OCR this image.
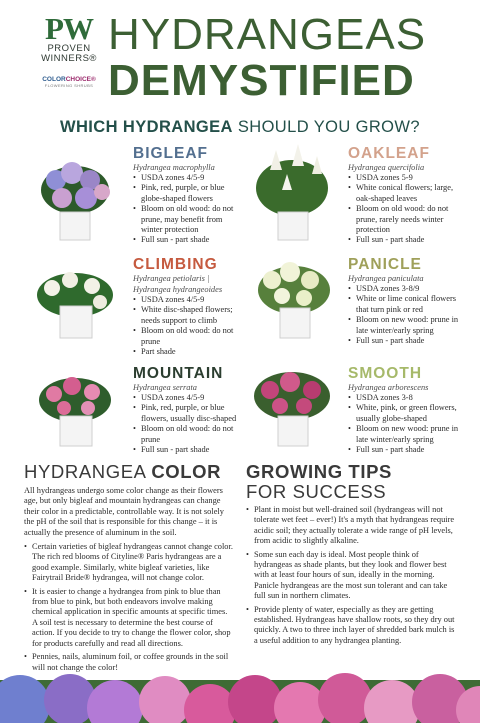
PW
PROVEN
WINNERS®
COLORCHOICE®
FLOWERING SHRUBS
HYDRANGEAS
DEMYSTIFIED
WHICH HYDRANGEA SHOULD YOU GROW?
BIGLEAF
Hydrangea macrophylla

• USDA zones 4/5-9

• Pink, red, purple, or blue globe-shaped flowers

• Bloom on old wood: do not prune, may benefit from winter protection

• Full sun - part shade

OAKLEAF
Hydrangea quercifolia

• USDA zones 5-9

• White conical flowers; large, oak-shaped leaves

• Bloom on old wood: do not prune, rarely needs winter protection

• Full sun - part shade

CLIMBING
Hydrangea petiolaris | Hydrangea hydrangeoides

• USDA zones 4/5-9

• White disc-shaped flowers; needs support to climb

• Bloom on old wood: do not prune

• Part shade

PANICLE
Hydrangea paniculata

• USDA zones 3-8/9

• White or lime conical flowers that turn pink or red

• Bloom on new wood: prune in late winter/early spring

• Full sun - part shade

MOUNTAIN
Hydrangea serrata

• USDA zones 4/5-9

• Pink, red, purple, or blue flowers, usually disc-shaped

• Bloom on old wood: do not prune

• Full sun - part shade

SMOOTH
Hydrangea arborescens

• USDA zones 3-8

• White, pink, or green flowers, usually globe-shaped

• Bloom on new wood: prune in late winter/early spring

• Full sun - part shade

HYDRANGEA COLOR
All hydrangeas undergo some color change as their flowers age, but only bigleaf and mountain hydrangeas can change their color in a predictable, controllable way. It is not solely the pH of the soil that is responsible for this change – it is actually the presence of aluminum in the soil.
• Certain varieties of bigleaf hydrangeas cannot change color. The rich red blooms of Cityline® Paris hydrangeas are a good example. Similarly, white bigleaf varieties, like Fairytrail Bride® hydrangea, will not change color.
• It is easier to change a hydrangea from pink to blue than from blue to pink, but both endeavors involve making chemical application in specific amounts at specific times. A soil test is necessary to determine the best course of action. If you decide to try to change the flower color, shop for products carefully and read all directions.
• Pennies, nails, aluminum foil, or coffee grounds in the soil will not change the color!
GROWING TIPS
FOR SUCCESS
• Plant in moist but well-drained soil (hydrangeas will not tolerate wet feet – ever!) It's a myth that hydrangeas require acidic soil; they actually tolerate a wide range of pH levels, from acidic to slightly alkaline.
• Some sun each day is ideal. Most people think of hydrangeas as shade plants, but they look and flower best with at least four hours of sun, ideally in the morning. Panicle hydrangeas are the most sun tolerant and can take full sun in northern climates.
• Provide plenty of water, especially as they are getting established. Hydrangeas have shallow roots, so they dry out quickly. A two to three inch layer of shredded bark mulch is a useful addition to any hydrangea planting.
